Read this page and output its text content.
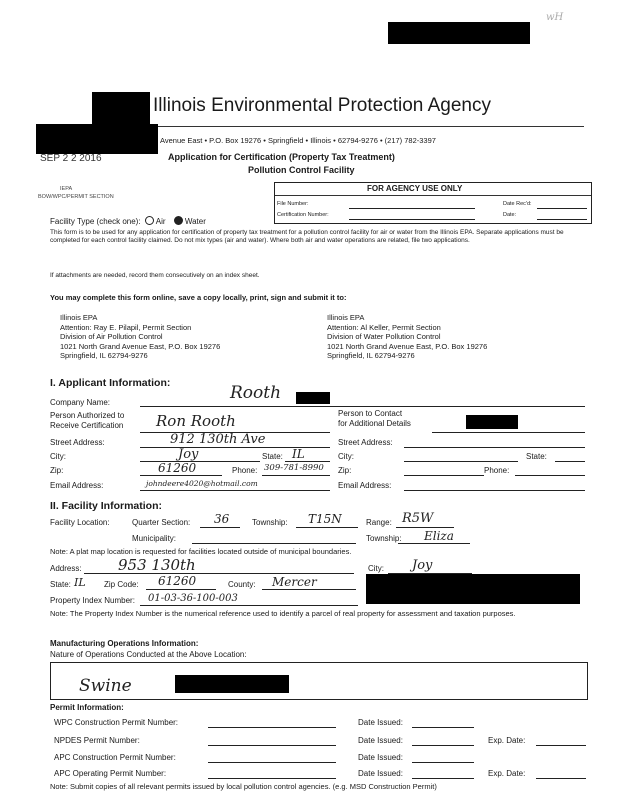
wH
Illinois Environmental Protection Agency
Avenue East • P.O. Box 19276 • Springfield • Illinois • 62794-9276 • (217) 782-3397
SEP 2 2 2016
IEPA
BOW/WPC/PERMIT SECTION
Application for Certification (Property Tax Treatment)
Pollution Control Facility
FOR AGENCY USE ONLY
File Number:	Date Rec'd:
Certification Number:	Date:
Facility Type (check one): Air Water
This form is to be used for any application for certification of property tax treatment for a pollution control facility for air or water from the Illinois EPA. Separate applications must be completed for each control facility claimed. Do not mix types (air and water). Where both air and water operations are related, file two applications.
If attachments are needed, record them consecutively on an index sheet.
You may complete this form online, save a copy locally, print, sign and submit it to:
Illinois EPA
Attention: Ray E. Pilapil, Permit Section
Division of Air Pollution Control
1021 North Grand Avenue East, P.O. Box 19276
Springfield, IL 62794-9276
Illinois EPA
Attention: Al Keller, Permit Section
Division of Water Pollution Control
1021 North Grand Avenue East, P.O. Box 19276
Springfield, IL 62794-9276
I. Applicant Information:
Company Name:	Rooth
Person Authorized to
Receive Certification Ron Rooth	Person to Contact
for Additional Details
Street Address:	912 130th Ave	Street Address:
City:	Joy	State: IL	City:	State:
Zip:	61260	Phone: 309-781-8990 Zip:	Phone:
Email Address:	johndeere4020@hotmail.com	Email Address:
II. Facility Information:
Facility Location:	Quarter Section: 36	Township: T15N	Range: R5W
Municipality:	Township: Eliza
Note: A plat map location is requested for facilities located outside of municipal boundaries.
Address: 953 130th	City: Joy
State: IL Zip Code: 61260	County: Mercer
Property Index Number: 01-03-36-100-003
Note: The Property Index Number is the numerical reference used to identify a parcel of real property for assessment and taxation purposes.
Manufacturing Operations Information:
Nature of Operations Conducted at the Above Location:
Swine
Permit Information:
WPC Construction Permit Number:	Date Issued:
NPDES Permit Number:	Date Issued:	Exp. Date:
APC Construction Permit Number:	Date Issued:
APC Operating Permit Number:	Date Issued:	Exp. Date:
Note: Submit copies of all relevant permits issued by local pollution control agencies. (e.g. MSD Construction Permit)
